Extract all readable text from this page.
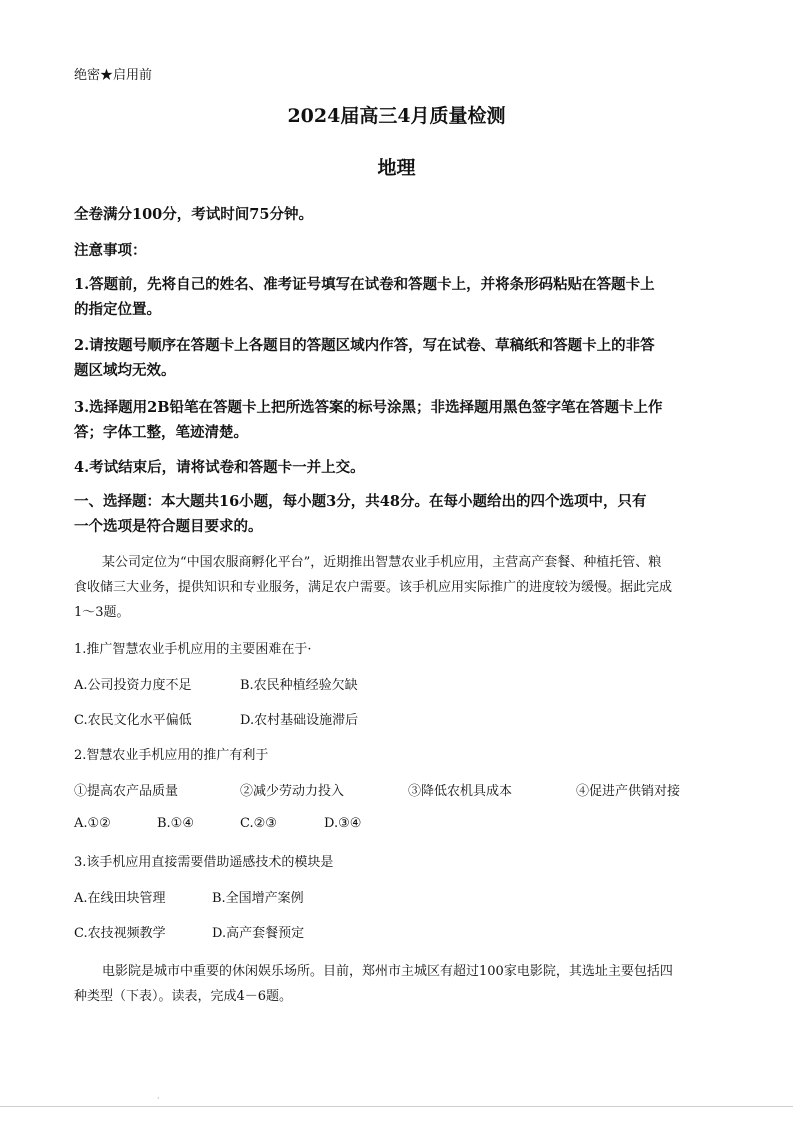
绝密★启用前
2024届高三4月质量检测
地理
全卷满分100分，考试时间75分钟。
注意事项：
1.答题前，先将自己的姓名、准考证号填写在试卷和答题卡上，并将条形码粘贴在答题卡上
的指定位置。
2.请按题号顺序在答题卡上各题目的答题区域内作答，写在试卷、草稿纸和答题卡上的非答
题区域均无效。
3.选择题用2B铅笔在答题卡上把所选答案的标号涂黑；非选择题用黑色签字笔在答题卡上作
答；字体工整，笔迹清楚。
4.考试结束后，请将试卷和答题卡一并上交。
一、选择题：本大题共16小题，每小题3分，共48分。在每小题给出的四个选项中，只有
一个选项是符合题目要求的。
某公司定位为“中国农服商孵化平台”，近期推出智慧农业手机应用，主营高产套餐、种植托管、粮
食收储三大业务，提供知识和专业服务，满足农户需要。该手机应用实际推广的进度较为缓慢。据此完成
1～3题。
1.推广智慧农业手机应用的主要困难在于·
A.公司投资力度不足	B.农民种植经验欠缺
C.农民文化水平偏低	D.农村基础设施滞后
2.智慧农业手机应用的推广有利于
①提高农产品质量	②减少劳动力投入	③降低农机具成本	④促进产供销对接
A.①②	B.①④	C.②③	D.③④
3.该手机应用直接需要借助遥感技术的模块是
A.在线田块管理	B.全国增产案例
C.农技视频教学	D.高产套餐预定
电影院是城市中重要的休闲娱乐场所。目前，郑州市主城区有超过100家电影院，其选址主要包括四
种类型（下表）。读表，完成4－6题。
·
